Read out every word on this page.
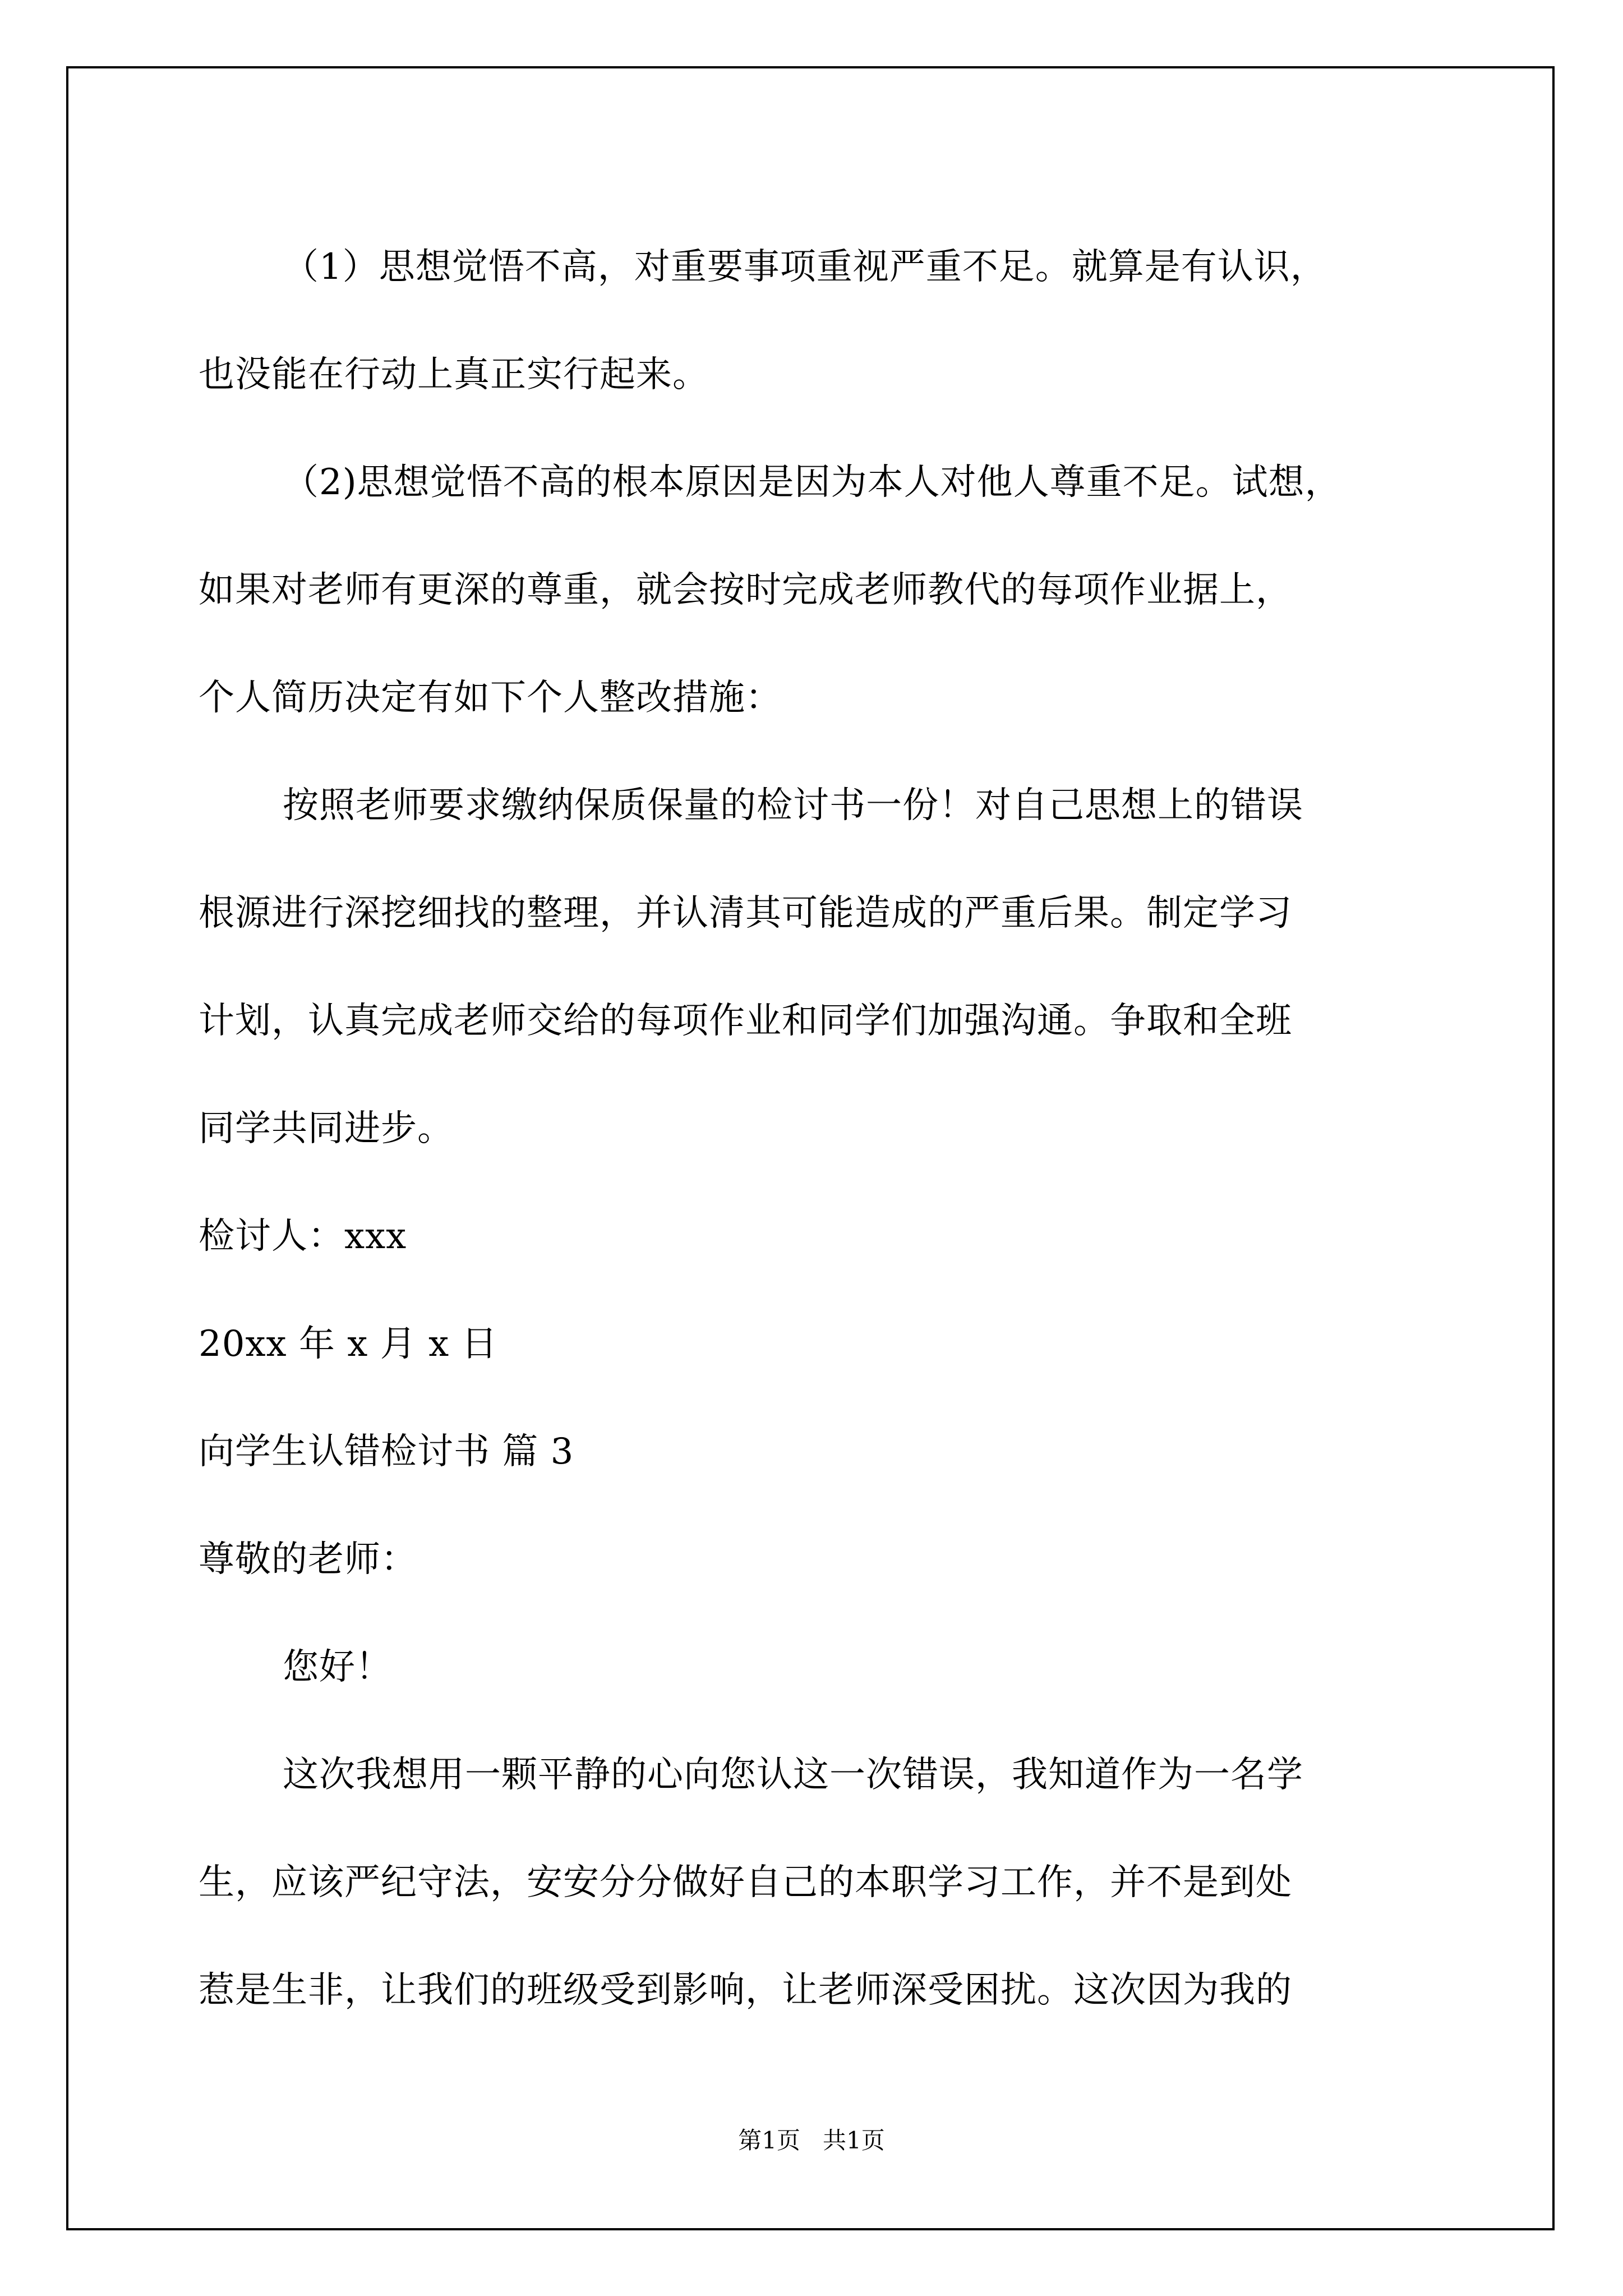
（1）思想觉悟不高，对重要事项重视严重不足。就算是有认识，
也没能在行动上真正实行起来。
（2)思想觉悟不高的根本原因是因为本人对他人尊重不足。试想，
如果对老师有更深的尊重，就会按时完成老师教代的每项作业据上，
个人简历决定有如下个人整改措施：
按照老师要求缴纳保质保量的检讨书一份！对自己思想上的错误
根源进行深挖细找的整理，并认清其可能造成的严重后果。制定学习
计划，认真完成老师交给的每项作业和同学们加强沟通。争取和全班
同学共同进步。
检讨人：xxx
20xx 年 x 月 x 日
向学生认错检讨书 篇 3
尊敬的老师：
您好！
这次我想用一颗平静的心向您认这一次错误，我知道作为一名学
生，应该严纪守法，安安分分做好自己的本职学习工作，并不是到处
惹是生非，让我们的班级受到影响，让老师深受困扰。这次因为我的
第1页   共1页
